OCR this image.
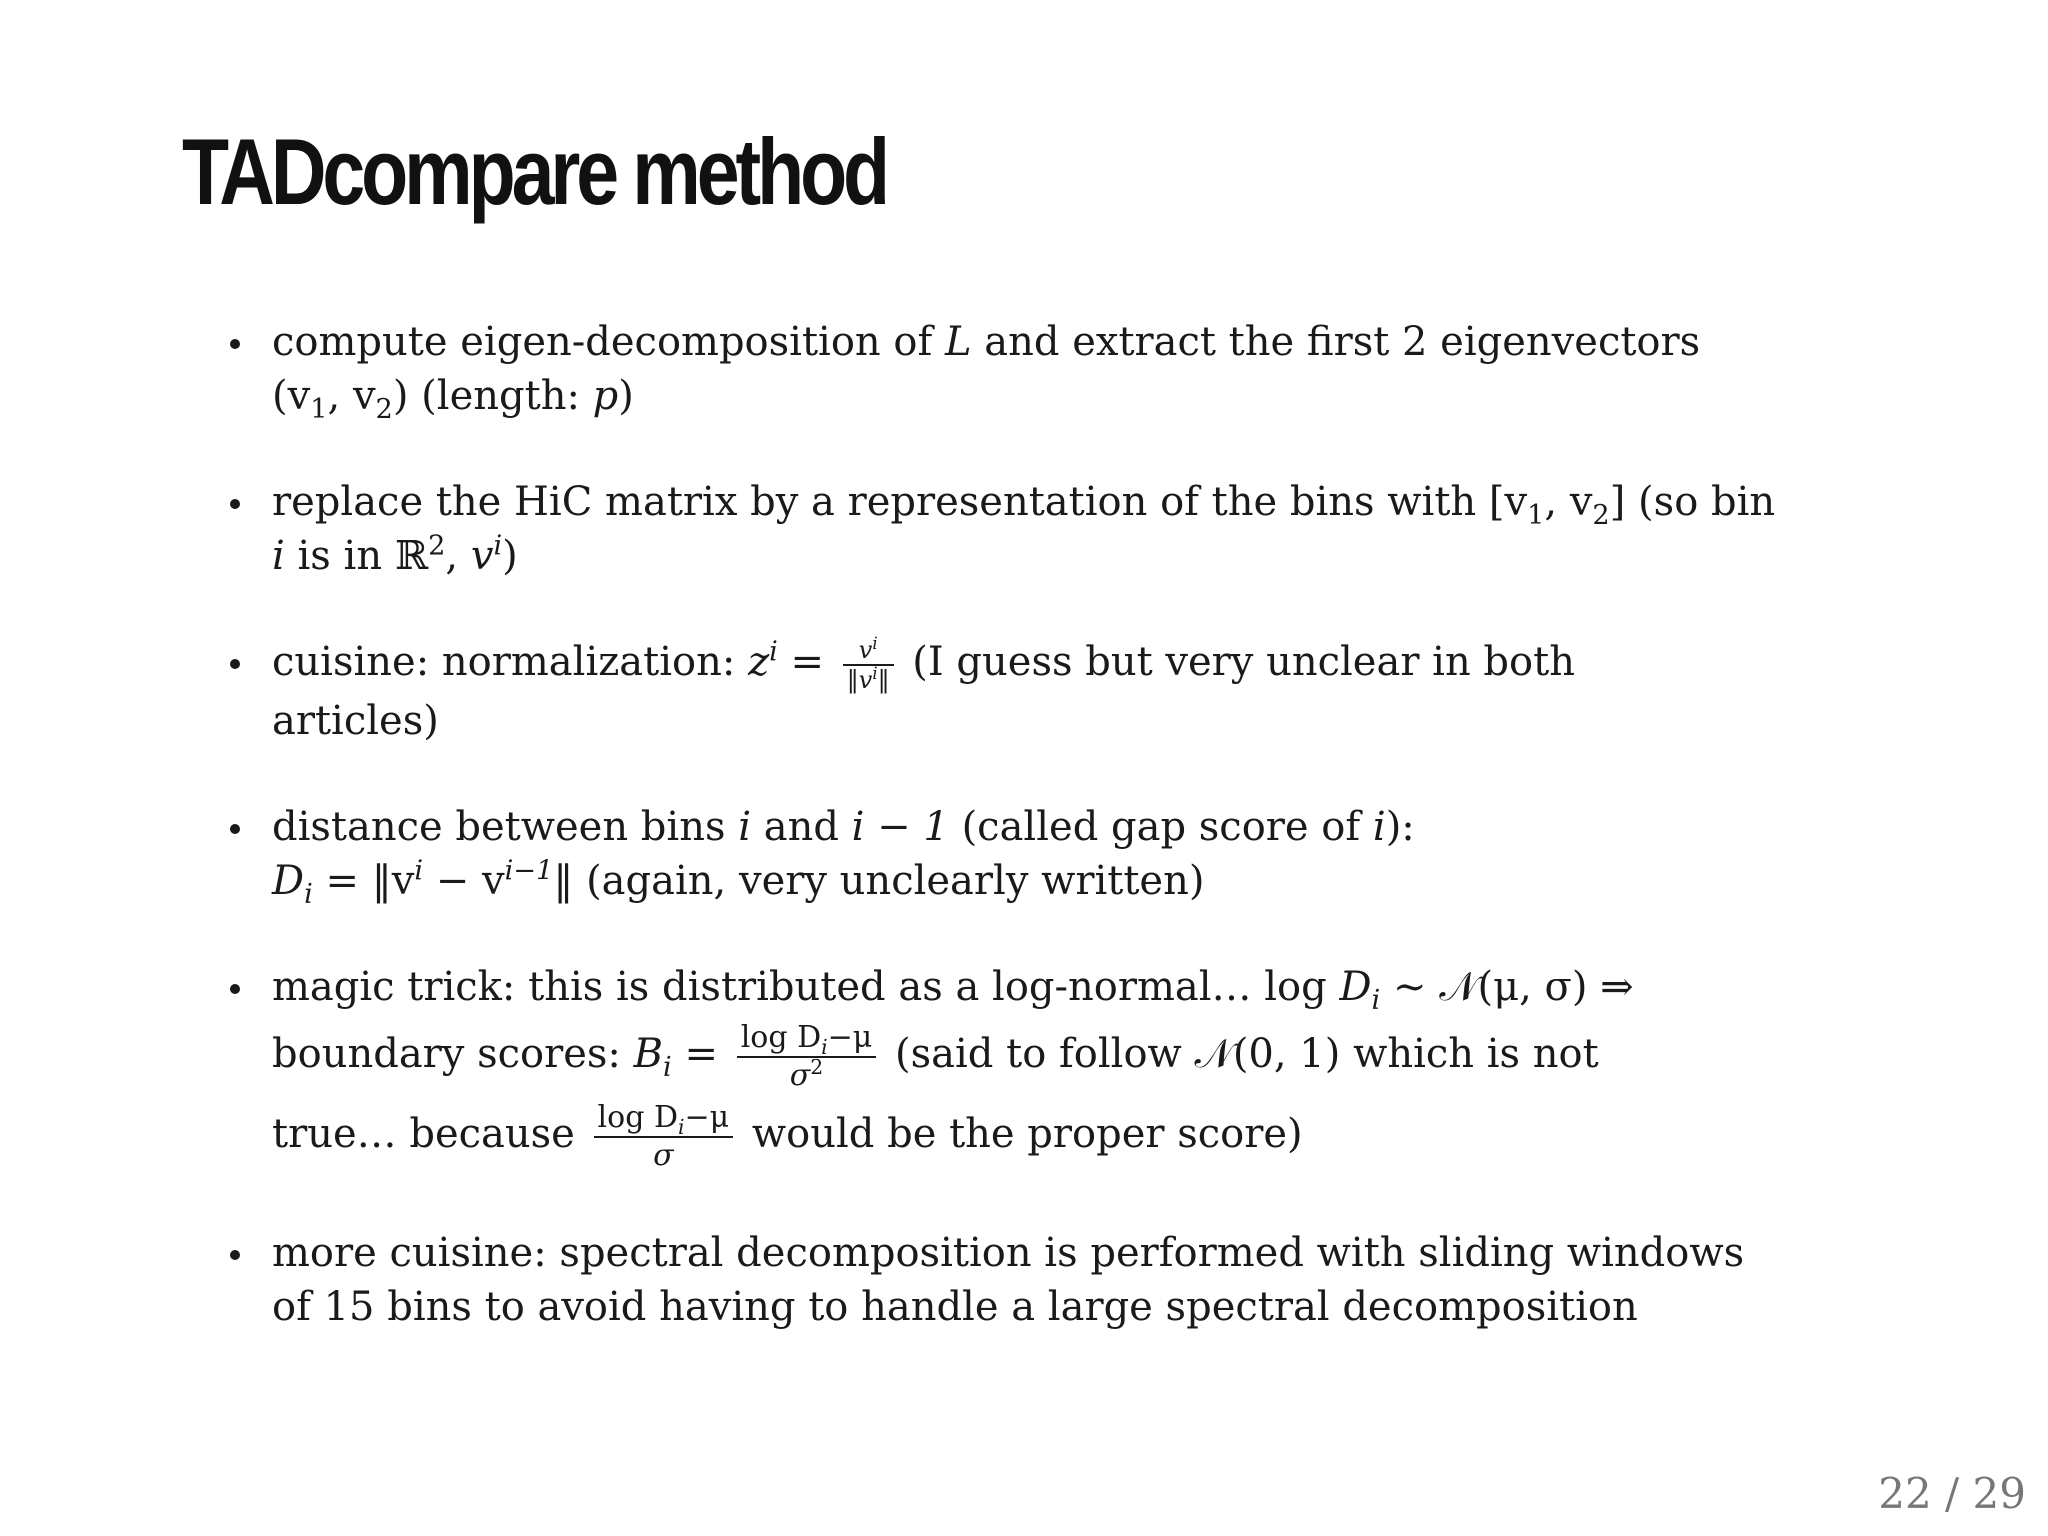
TADcompare method
compute eigen-decomposition of L and extract the first 2 eigenvectors
($v_1$, $v_2$) (length: p)
replace the HiC matrix by a representation of the bins with [$v_1$, $v_2$] (so bin
i is in ℝ$^2$, $v^i$)
cuisine: normalization: $z^i = \frac{v^i}{‖v^i‖} (I$ guess but very unclear in both
articles)
distance between bins i and i − 1 (called gap score of i):
$D_i$ = $‖v^i$ − $v^{i-1}‖$ (again, very unclearly written)
magic trick: this is distributed as a log-normal… $\log D_i$ ∼ 𝒩(μ, σ) ⇒
boundary scores: $B_i = \frac{\log D_i-\mu}{\sigma^2}$ (said to follow 𝒩(0, 1) which is not
true… because $\frac{\log D_i-\mu}{\sigma}$ would be the proper score)
more cuisine: spectral decomposition is performed with sliding windows
of 15 bins to avoid having to handle a large spectral decomposition
22 / 29
